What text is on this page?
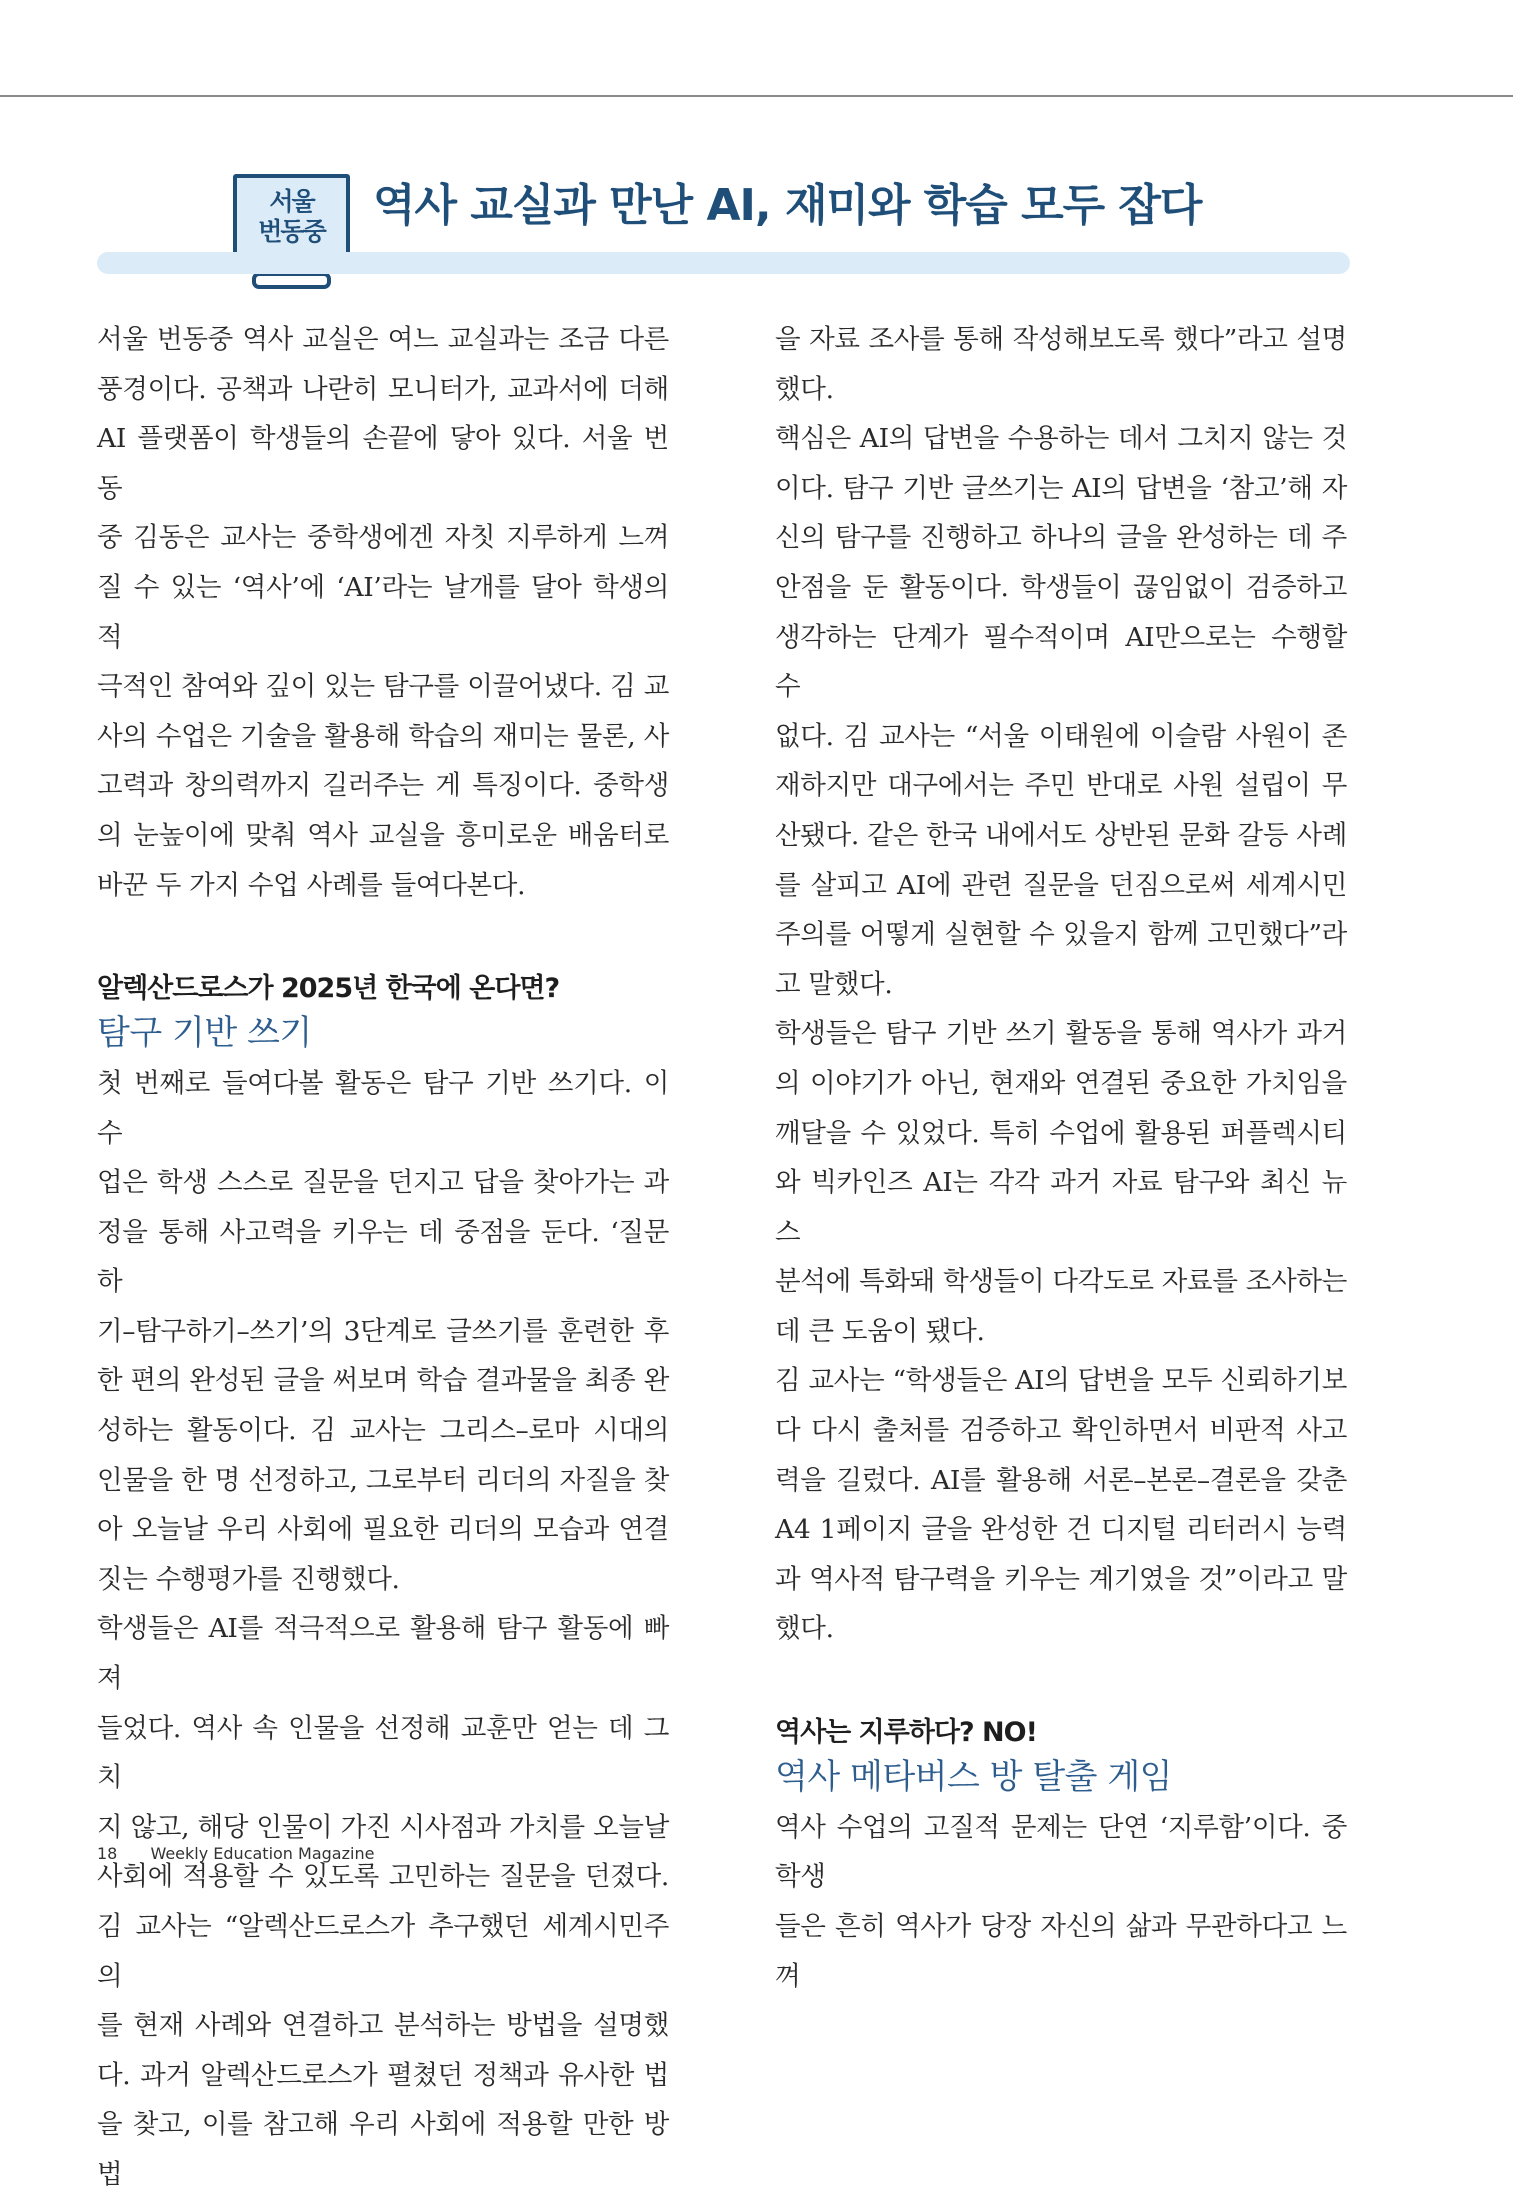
서울
번동중 역사 교실과 만난 AI, 재미와 학습 모두 잡다

서울 번동중 역사 교실은 여느 교실과는 조금 다른

풍경이다. 공책과 나란히 모니터가, 교과서에 더해

AI 플랫폼이 학생들의 손끝에 닿아 있다. 서울 번동

중 김동은 교사는 중학생에겐 자칫 지루하게 느껴

질 수 있는 ‘역사’에 ‘AI’라는 날개를 달아 학생의 적

극적인 참여와 깊이 있는 탐구를 이끌어냈다. 김 교

사의 수업은 기술을 활용해 학습의 재미는 물론, 사

고력과 창의력까지 길러주는 게 특징이다. 중학생

의 눈높이에 맞춰 역사 교실을 흥미로운 배움터로

바꾼 두 가지 수업 사례를 들여다본다.

알렉산드로스가 2025년 한국에 온다면?
탐구 기반 쓰기

첫 번째로 들여다볼 활동은 탐구 기반 쓰기다. 이 수

업은 학생 스스로 질문을 던지고 답을 찾아가는 과

정을 통해 사고력을 키우는 데 중점을 둔다. ‘질문하

기–탐구하기–쓰기’의 3단계로 글쓰기를 훈련한 후

한 편의 완성된 글을 써보며 학습 결과물을 최종 완

성하는 활동이다. 김 교사는 그리스–로마 시대의

인물을 한 명 선정하고, 그로부터 리더의 자질을 찾

아 오늘날 우리 사회에 필요한 리더의 모습과 연결

짓는 수행평가를 진행했다.

학생들은 AI를 적극적으로 활용해 탐구 활동에 빠져

들었다. 역사 속 인물을 선정해 교훈만 얻는 데 그치

지 않고, 해당 인물이 가진 시사점과 가치를 오늘날

사회에 적용할 수 있도록 고민하는 질문을 던졌다.

김 교사는 “알렉산드로스가 추구했던 세계시민주의

를 현재 사례와 연결하고 분석하는 방법을 설명했

다. 과거 알렉산드로스가 펼쳤던 정책과 유사한 법

을 찾고, 이를 참고해 우리 사회에 적용할 만한 방법

을 자료 조사를 통해 작성해보도록 했다”라고 설명

했다.

핵심은 AI의 답변을 수용하는 데서 그치지 않는 것

이다. 탐구 기반 글쓰기는 AI의 답변을 ‘참고’해 자

신의 탐구를 진행하고 하나의 글을 완성하는 데 주

안점을 둔 활동이다. 학생들이 끊임없이 검증하고

생각하는 단계가 필수적이며 AI만으로는 수행할 수

없다. 김 교사는 “서울 이태원에 이슬람 사원이 존

재하지만 대구에서는 주민 반대로 사원 설립이 무

산됐다. 같은 한국 내에서도 상반된 문화 갈등 사례

를 살피고 AI에 관련 질문을 던짐으로써 세계시민

주의를 어떻게 실현할 수 있을지 함께 고민했다”라

고 말했다.

학생들은 탐구 기반 쓰기 활동을 통해 역사가 과거

의 이야기가 아닌, 현재와 연결된 중요한 가치임을

깨달을 수 있었다. 특히 수업에 활용된 퍼플렉시티

와 빅카인즈 AI는 각각 과거 자료 탐구와 최신 뉴스

분석에 특화돼 학생들이 다각도로 자료를 조사하는

데 큰 도움이 됐다.

김 교사는 “학생들은 AI의 답변을 모두 신뢰하기보

다 다시 출처를 검증하고 확인하면서 비판적 사고

력을 길렀다. AI를 활용해 서론–본론–결론을 갖춘

A4 1페이지 글을 완성한 건 디지털 리터러시 능력

과 역사적 탐구력을 키우는 계기였을 것”이라고 말

했다.

역사는 지루하다? NO!
역사 메타버스 방 탈출 게임

역사 수업의 고질적 문제는 단연 ‘지루함’이다. 중학생

들은 흔히 역사가 당장 자신의 삶과 무관하다고 느껴

18 Weekly Education Magazine
